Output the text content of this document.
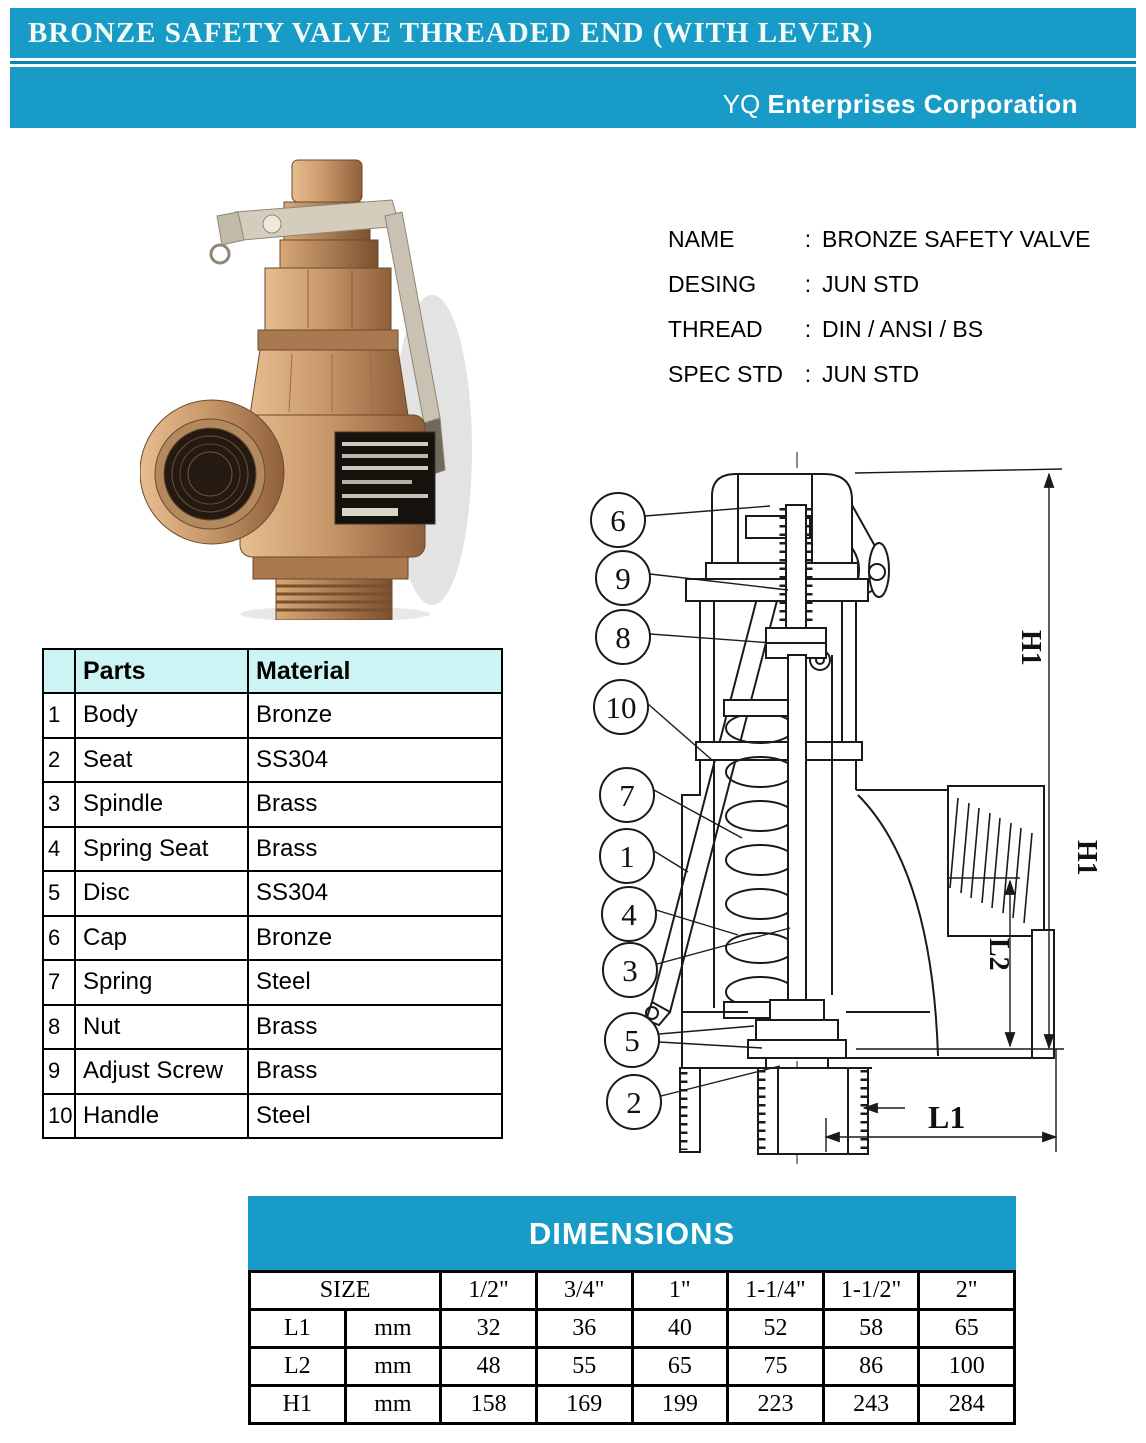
BRONZE SAFETY VALVE THREADED END (WITH LEVER)
YQ Enterprises Corporation
NAME	: BRONZE SAFETY VALVE
DESING	: JUN STD
THREAD	: DIN / ANSI / BS
SPEC STD : JUN STD
	Parts	Material
1	Body	Bronze
2	Seat	SS304
3	Spindle	Brass
4	Spring Seat	Brass
5	Disc	SS304
6	Cap	Bronze
7	Spring	Steel
8	Nut	Brass
9	Adjust Screw	Brass
10	Handle	Steel
H1
H1
L2
L1
6
9
8
10
7
1
4
3
5
2
DIMENSIONS
SIZE		1/2"	3/4"	1"	1-1/4"	1-1/2"	2"
L1	mm	32	36	40	52	58	65
L2	mm	48	55	65	75	86	100
H1	mm	158	169	199	223	243	284
